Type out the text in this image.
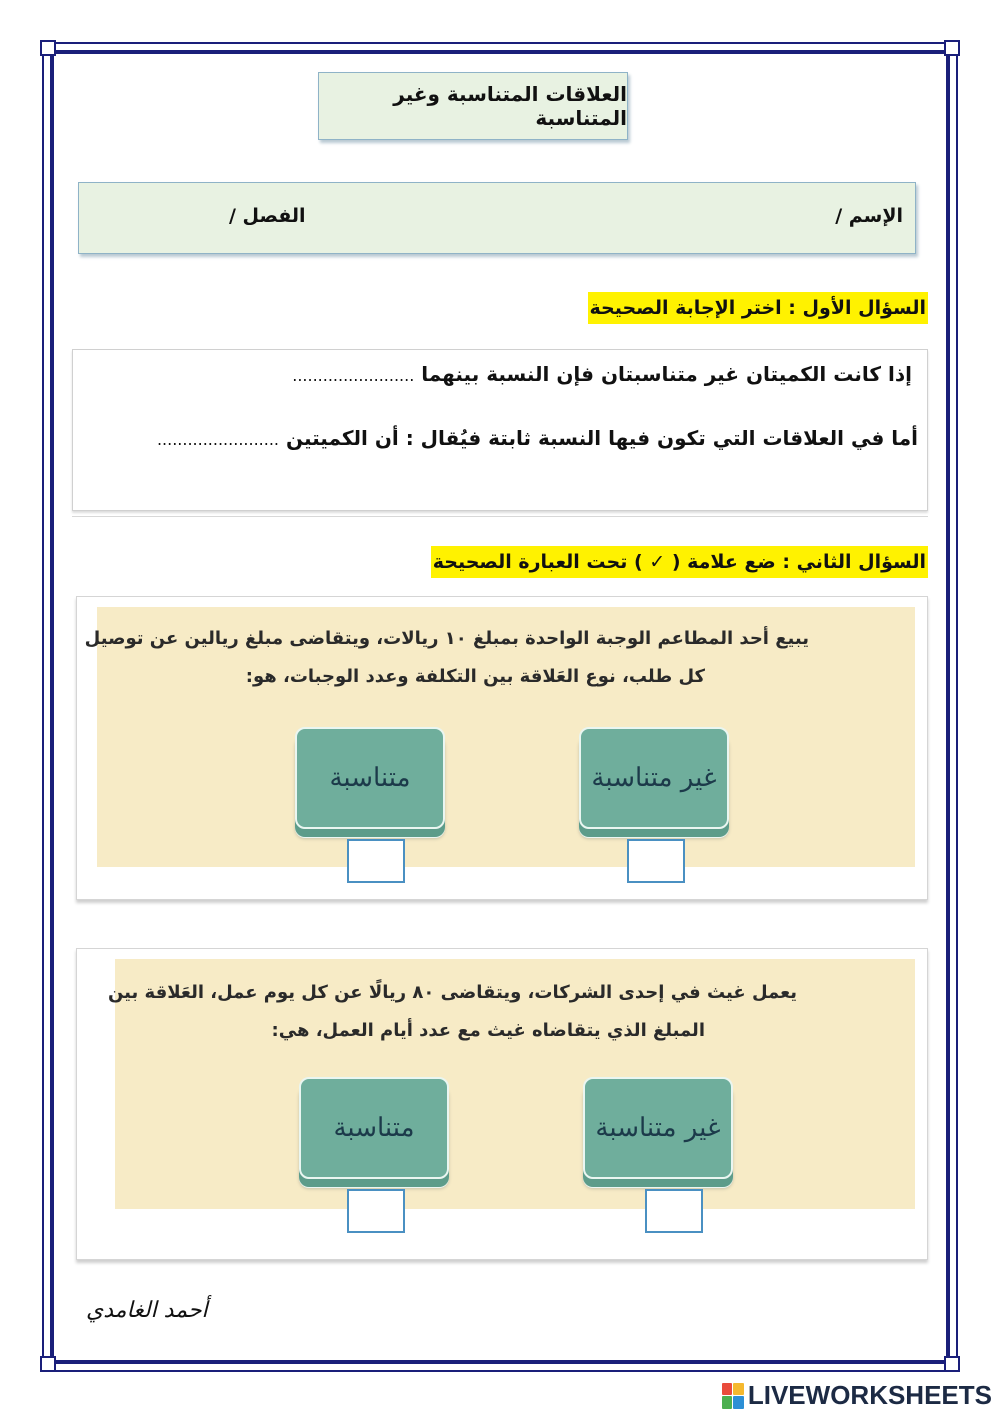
العلاقات المتناسبة وغير المتناسبة
الإسم /
الفصل /
السؤال الأول : اختر الإجابة الصحيحة
إذا كانت الكميتان غير متناسبتان فإن النسبة بينهما ........................
أما في العلاقات التي تكون فيها النسبة ثابتة فيُقال : أن الكميتين ........................
السؤال الثاني : ضع علامة ( ✓ ) تحت العبارة الصحيحة
يبيع أحد المطاعم الوجبة الواحدة بمبلغ ١٠ ريالات، ويتقاضى مبلغ ريالين عن توصيل
كل طلب، نوع العَلاقة بين التكلفة وعدد الوجبات، هو:
غير متناسبة
متناسبة
يعمل غيث في إحدى الشركات، ويتقاضى ٨٠ ريالًا عن كل يوم عمل، العَلاقة بين
المبلغ الذي يتقاضاه غيث مع عدد أيام العمل، هي:
غير متناسبة
متناسبة
أحمد الغامدي
LIVEWORKSHEETS
